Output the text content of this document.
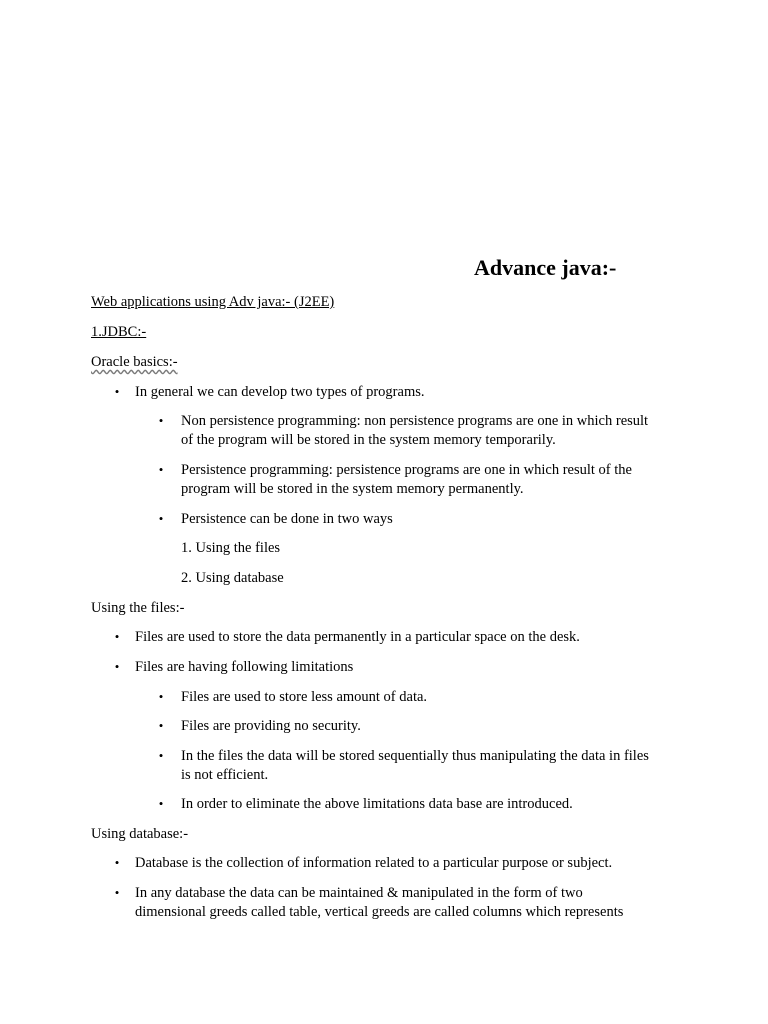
Advance java:-
Web applications using Adv java:- (J2EE)
1.JDBC:-
Oracle basics:-
• In general we can develop two types of programs.
• Non persistence programming: non persistence programs are one in which result
of the program will be stored in the system memory temporarily.
• Persistence programming: persistence programs are one in which result of the
program will be stored in the system memory permanently.
• Persistence can be done in two ways
1. Using the files
2. Using database
Using the files:-
• Files are used to store the data permanently in a particular space on the desk.
• Files are having following limitations
• Files are used to store less amount of data.
• Files are providing no security.
• In the files the data will be stored sequentially thus manipulating the data in files
is not efficient.
• In order to eliminate the above limitations data base are introduced.
Using database:-
• Database is the collection of information related to a particular purpose or subject.
• In any database the data can be maintained & manipulated in the form of two
dimensional greeds called table, vertical greeds are called columns which represents
